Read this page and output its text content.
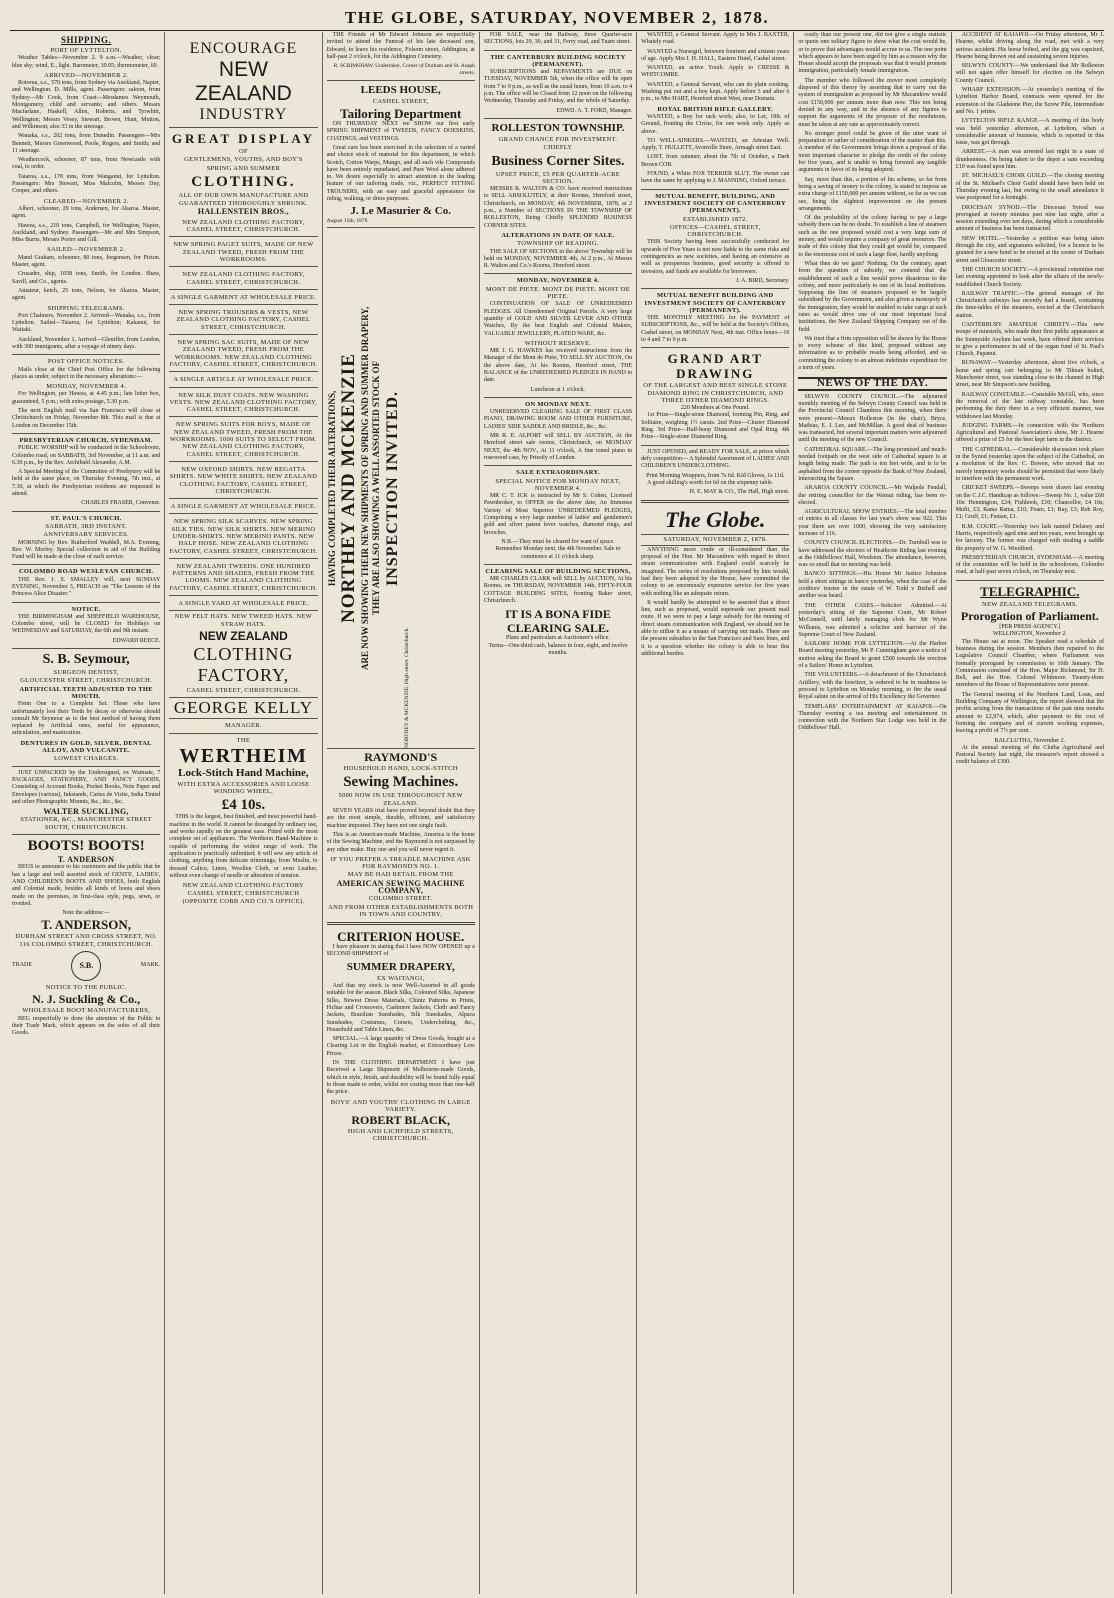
THE GLOBE, SATURDAY, NOVEMBER 2, 1878.
SHIPPING.
PORT OF LYTTELTON.

Weather Tables—November 2. 9 a.m.—Weather, clear; blue sky; wind, E., light. Barometer, 30.05; thermometer, 60.

ARRIVED—NOVEMBER 2.

Rotorua, s.s., 570 tons, from Sydney via Auckland, Napier, and Wellington. D. Mills, agent. Passengers: saloon, from Sydney—Mr Cook, from Coast—Mesdames Weymouth, Montgomery, child and servants; and others. Messrs Macfarlane, Haskell, Allen, Roberts, and Tyrwhitt, Wellington; Messrs Vesey, Stewart, Brown, Hunt, Mutton, and Wilkinson; also 33 in the steerage.

Wanaka, s.s., 202 tons, from Dunedin. Passengers—Mrs Bennett, Messrs Greenwood, Poole, Rogers, and Smith; and 11 steerage.

Weathercock, schooner, 87 tons, from Newcastle with coal, to order.

Taiaroa, s.s., 178 tons, from Wanganui, for Lyttelton. Passengers: Mrs Stewart, Miss Malcolm, Messrs Day, Cooper, and others.

CLEARED—NOVEMBER 2.

Albert, schooner, 29 tons, Andersen, for Akaroa. Master, agent.

Hawea, s.s., 210 tons, Campbell, for Wellington, Napier, Auckland, and Sydney. Passengers—Mr and Mrs Simpson, Miss Burns, Messrs Porter and Gill.

SAILED—NOVEMBER 2.

Mand Graham, schooner, 80 tons, Jorgensen, for Picton. Master, agent.

Crusader, ship, 1058 tons, Smith, for London. Shaw, Savill, and Co., agents.

Amateur, ketch, 25 tons, Nelson, for Akaroa. Master, agent.

SHIPPING TELEGRAMS.

Port Chalmers, November 2. Arrived—Wanaka, s.s., from Lyttelton. Sailed—Taiaroa, for Lyttelton; Kakanui, for Waitaki.

Auckland, November 1. Arrived—Gleniffer, from London, with 300 immigrants, after a voyage of ninety days.

POST OFFICE NOTICES.

Mails close at the Chief Post Office for the following places as under, subject to the necessary alterations:—

MONDAY, NOVEMBER 4.

For Wellington, per Hawea, at 4.45 p.m.; late letter box, guaranteed, 5 p.m.; with extra postage, 5.30 p.m.

The next English mail via San Francisco will close at Christchurch on Friday, November 8th. This mail is due at London on December 15th.

PRESBYTERIAN CHURCH, SYDENHAM.

PUBLIC WORSHIP will be conducted in the Schoolroom, Colombo road, on SABBATH, 3rd November, at 11 a.m. and 6.30 p.m., by the Rev. Archibald Alexander, A.M.

A Special Meeting of the Committee of Presbytery will be held at the same place, on Thursday Evening, 7th inst., at 7.30, at which the Presbyterian residents are requested to attend.

CHARLES FRASER, Convener.
ST. PAUL'S CHURCH.
SABBATH, 3RD INSTANT.
ANNIVERSARY SERVICES.

MORNING by Rev. Rutherford Waddell, M.A. Evening, Rev. W. Morley. Special collection in aid of the Building Fund will be made at the close of each service.

COLOMBO ROAD WESLEYAN CHURCH.

THE Rev. J. S. SMALLEY will, next SUNDAY EVENING, November 3, PREACH on "The Lessons of the Princess Alice Disaster."

NOTICE.

THE BIRMINGHAM and SHEFFIELD WAREHOUSE, Colombo street, will be CLOSED for Holidays on WEDNESDAY and SATURDAY, the 6th and 9th instant.

EDWARD REECE.
S. B. Seymour,
SURGEON DENTIST,
GLOUCESTER STREET, CHRISTCHURCH.
ARTIFICIAL TEETH ADJUSTED TO THE MOUTH.

From One to a Complete Set. Those who have unfortunately lost their Teeth by decay or otherwise should consult Mr Seymour as to the best method of having them replaced by Artificial ones, useful for appearance, articulation, and mastication.

DENTURES IN GOLD, SILVER, DENTAL ALLOY, AND VULCANITE.
LOWEST CHARGES.

JUST UNPACKED by the Undersigned, ex Waimate, 7 PACKAGES, STATIONERY, AND FANCY GOODS, Consisting of Account Books, Pocket Books, Note Paper and Envelopes (various), Inkstands, Cartes de Visite, India Tinted and other Photographic Mounts, &c., &c., &c.

WALTER SUCKLING,
STATIONER, &C., MANCHESTER STREET SOUTH, CHRISTCHURCH.
BOOTS! BOOTS!
T. ANDERSON

BEGS to announce to his customers and the public that he has a large and well assorted stock of GENTS', LADIES', AND CHILDREN'S BOOTS AND SHOES, both English and Colonial made, besides all kinds of boots and shoes made on the premises, in first-class style, pegs, sewn, or rivetted.

Note the address:—
T. ANDERSON,
DURHAM STREET AND CROSS STREET, NO. 116 COLOMBO STREET, CHRISTCHURCH.
TRADE	S.B.	MARK.
NOTICE TO THE PUBLIC.
N. J. Suckling & Co.,
WHOLESALE BOOT MANUFACTURERS,

BEG respectfully to draw the attention of the Public to their Trade Mark, which appears on the soles of all their Goods.

ENCOURAGE
NEW ZEALAND
INDUSTRY
GREAT DISPLAY
OF
GENTLEMENS, YOUTHS, AND BOY'S
SPRING AND SUMMER
CLOTHING.
ALL OF OUR OWN MANUFACTURE AND
GUARANTEED THOROUGHLY SHRUNK.
HALLENSTEIN BROS.,
NEW ZEALAND CLOTHING FACTORY, CASHEL STREET, CHRISTCHURCH.
NEW SPRING PAGET SUITS, MADE OF NEW ZEALAND TWEED, FRESH FROM THE WORKROOMS.
NEW ZEALAND CLOTHING FACTORY, CASHEL STREET, CHRISTCHURCH.
A SINGLE GARMENT AT WHOLESALE PRICE.
NEW SPRING TROUSERS & VESTS, NEW ZEALAND CLOTHING FACTORY, CASHEL STREET, CHRISTCHURCH.
NEW SPRING SAC SUITS, MADE OF NEW ZEALAND TWEED, FRESH FROM THE WORKROOMS. NEW ZEALAND CLOTHING FACTORY, CASHEL STREET, CHRISTCHURCH.
A SINGLE ARTICLE AT WHOLESALE PRICE.
NEW SILK DUST COATS. NEW WASHING VESTS. NEW ZEALAND CLOTHING FACTORY, CASHEL STREET, CHRISTCHURCH.
NEW SPRING SUITS FOR BOYS, MADE OF NEW ZEALAND TWEED, FRESH FROM THE WORKROOMS. 1000 SUITS TO SELECT FROM. NEW ZEALAND CLOTHING FACTORY, CASHEL STREET, CHRISTCHURCH.
NEW OXFORD SHIRTS. NEW REGATTA SHIRTS. NEW WHITE SHIRTS. NEW ZEALAND CLOTHING FACTORY, CASHEL STREET, CHRISTCHURCH.
A SINGLE GARMENT AT WHOLESALE PRICE.
NEW SPRING SILK SCARVES. NEW SPRING SILK TIES. NEW SILK SHIRTS. NEW MERINO UNDER-SHIRTS. NEW MERINO PANTS. NEW HALF HOSE. NEW ZEALAND CLOTHING FACTORY, CASHEL STREET, CHRISTCHURCH.
NEW ZEALAND TWEEDS. ONE HUNDRED PATTERNS AND SHADES, FRESH FROM THE LOOMS. NEW ZEALAND CLOTHING FACTORY, CASHEL STREET, CHRISTCHURCH.
A SINGLE YARD AT WHOLESALE PRICE.
NEW FELT HATS. NEW TWEED HATS. NEW STRAW HATS.
NEW ZEALAND
CLOTHING FACTORY,
CASHEL STREET, CHRISTCHURCH.
GEORGE KELLY
MANAGER.
THE
WERTHEIM
Lock-Stitch Hand Machine,
WITH EXTRA ACCESSORIES AND LOOSE WINDING WHEEL,
£4 10s.

THIS is the largest, best finished, and most powerful hand-machine in the world. It cannot be deranged by ordinary use, and works rapidly on the greatest ease. Fitted with the most complete set of appliances. The Wertheim Hand-Machine is capable of performing the widest range of work. The application is practically unlimited; it will sew any article of clothing, anything from delicate trimmings, from Muslin, to dressed Calico, Linen, Woollen Cloth, or even Leather, without even change of needle or alteration of tension.

NEW ZEALAND CLOTHING FACTORY
CASHEL STREET, CHRISTCHURCH (OPPOSITE COBB AND CO.'S OFFICE).

THE Friends of Mr Edward Johnson are respectfully invited to attend the Funeral of his late deceased son, Edward, to leave his residence, Folsom street, Addington, at half-past 2 o'clock, for the Addington Cemetery.

R. SCRIMSHAW, Undertaker, Corner of Durham and St. Asaph streets.
LEEDS HOUSE,
CASHEL STREET,
Tailoring Department

ON THURSDAY NEXT we SHOW our first early SPRING SHIPMENT of TWEEDS, FANCY DOESKINS, COATINGS, and VESTINGS.

Great care has been exercised in the selection of a varied and choice stock of material for this department, in which Scotch, Cotton Warps, Mungo, and all such vile Compounds have been entirely repudiated, and Pure Wool alone adhered to. We desire especially to attract attention to the leading feature of our tailoring trade, viz., PERFECT FITTING TROUSERS, with an easy and graceful appearance for riding, walking, or dress purposes.

J. Le Masurier & Co.
August 15th, 1878.
HAVING COMPLETED THEIR ALTERATIONS, NORTHEY AND MCKENZIE ARE NOW SHOWING THEIR NEW SHIPMENTS OF SPRING AND SUMMER DRAPERY, THEY ARE ALSO SHOWING A WELL ASSORTED STOCK OF INSPECTION INVITED.
NORTHEY & MCKENZIE, High street, Christchurch.
RAYMOND'S
HOUSEHOLD HAND, LOCK-STITCH
Sewing Machines.
5000 NOW IN USE THROUGHOUT NEW ZEALAND.

SEVEN YEARS trial have proved beyond doubt that they are the most simple, durable, efficient, and satisfactory machine imported. They have not one single fault.

This is an American-made Machine, America is the home of the Sewing Machine, and the Raymond is not surpassed by any other make. Buy one and you will never regret it.

IF YOU PREFER A TREADLE MACHINE ASK FOR RAYMOND'S NO. 1.
MAY BE HAD RETAIL FROM THE
AMERICAN SEWING MACHINE COMPANY,
COLOMBO STREET.
AND FROM OTHER ESTABLISHMENTS BOTH IN TOWN AND COUNTRY.
CRITERION HOUSE.

I have pleasure in stating that I have NOW OPENED up a SECOND SHIPMENT of

SUMMER DRAPERY,
EX WAITANGI,

And that my stock is now Well-Assorted in all goods suitable for the season. Black Silks, Coloured Silks, Japanese Silks, Newest Dress Materials, Chintz Patterns in Prints, Fichus and Crossovers, Cashmere Jackets, Cloth and Fancy Jackets, Brazilian Sunshades, Silk Sunshades, Alpaca Sunshades, Costumes, Corsets, Underclothing, &c., Household and Table Linen, &c.

SPECIAL.—A large quantity of Dress Goods, bought at a Clearing Lot in the English market, at Extraordinary Low Prices.

IN THE CLOTHING DEPARTMENT I have just Received a Large Shipment of Melbourne-made Goods, which in style, finish, and durability will be found fully equal to those made to order, whilst not costing more than one-half the price.

BOYS' AND YOUTHS' CLOTHING IN LARGE VARIETY.
ROBERT BLACK,
HIGH AND LICHFIELD STREETS, CHRISTCHURCH.

FOR SALE, near the Railway, three Quarter-acre SECTIONS, lots 29, 30, and 31, Ferry road, and Tuam street.

THE CANTERBURY BUILDING SOCIETY (PERMANENT).

SUBSCRIPTIONS and REPAYMENTS are DUE on TUESDAY, NOVEMBER 5th, when the office will be open from 7 to 9 p.m., as well as the usual hours, from 10 a.m. to 4 p.m. The office will be Closed from 12 noon on the following Wednesday, Thursday and Friday, and the whole of Saturday.

EDWD. A. T. FORD, Manager.
ROLLESTON TOWNSHIP.
GRAND CHANCE FOR INVESTMENT.
CHIEFLY
Business Corner Sites.
UPSET PRICE, £5 PER QUARTER-ACRE SECTION.

MESSRS R. WALTON & CO. have received instructions to SELL ABSOLUTELY, at their Rooms, Hereford street, Christchurch, on MONDAY, 4th NOVEMBER, 1878, at 2 p.m., a Number of SECTIONS IN THE TOWNSHIP OF ROLLESTON, Being Chiefly SPLENDID BUSINESS CORNER SITES.

ALTERATIONS IN DATE OF SALE.
TOWNSHIP OF READING.

THE SALE OF SECTIONS in the above Township will be held on MONDAY, NOVEMBER 4th, At 2 p.m., At Messrs R. Walton and Co.'s Rooms, Hereford street.

MONDAY, NOVEMBER 4.
MONT DE PIETE. MONT DE PIETE. MONT DE PIETE.

CONTINUATION OF SALE OF UNREDEEMED PLEDGES. All Unredeemed Original Parcels. A very large quantity of GOLD AND SILVER LEVER AND OTHER Watches, By the best English and Colonial Makers, VALUABLE JEWELLERY, PLATED WARE, &c.

WITHOUT RESERVE.

MR J. G. HAWKES has received instructions from the Manager of the Mont de Piete, TO SELL BY AUCTION, On the above date, At his Rooms, Hereford street, THE BALANCE of the UNREDEEMED PLEDGES IN HAND to date.

Luncheon at 1 o'clock.
ON MONDAY NEXT.

UNRESERVED CLEARING SALE OF FIRST CLASS PIANO, DRAWING ROOM AND OTHER FURNITURE, LADIES' SIDE SADDLE AND BRIDLE, &c., &c.

MR R. E. ALPORT will SELL BY AUCTION, At the Hereford street sale rooms, Christchurch, on MONDAY NEXT, the 4th NOV., At 11 o'clock, A fine toned piano in rosewood case, by Priestly of London.

SALE EXTRAORDINARY.
SPECIAL NOTICE FOR MONDAY NEXT, NOVEMBER 4.

MR C. T. ICK is instructed by Mr S. Cohen, Licensed Pawnbroker, to OFFER on the above date, An Immense Variety of Most Superior UNREDEEMED PLEDGES, Comprising a very large number of ladies' and gentlemen's gold and silver patent lever watches, diamond rings, and brooches.

N.B.—They must be cleared for want of space.
Remember Monday next, the 4th November. Sale to commence at 11 o'clock sharp.
CLEARING SALE OF BUILDING SECTIONS,

MR CHARLES CLARK will SELL by AUCTION, At his Rooms, on THURSDAY, NOVEMBER 14th, FIFTY-FOUR COTTAGE BUILDING SITES, fronting Baker street, Christchurch.

IT IS A BONA FIDE CLEARING SALE.
Plans and particulars at Auctioneer's office.
Terms—One-third cash, balance in four, eight, and twelve months.

WANTED, a General Servant. Apply to Mrs J. BAXTER, Whately road.

WANTED a Nursegirl, between fourteen and sixteen years of age. Apply Mrs J. H. HALL, Eastern Hotel, Cashel street.

WANTED, an active Youth. Apply to CRESSE & WHITCOMBE.

WANTED, a General Servant, who can do plain cooking. Washing put out and a boy kept. Apply before 3 and after 6 p.m., to Mrs HART, Hereford street West, near Domain.

ROYAL BRITISH RIFLE GALLERY.

WANTED, a Boy for rack work; also, to Let, 18ft. of Ground, fronting the Circus, for one week only. Apply as above.

TO WELL-SINKERS.—WANTED, an Artesian Well. Apply, T. HULLETT, Avonville Store, Armagh street East.

LOST, from summer, about the 7th of October, a Dark Brown COB.

FOUND, a White FOX TERRIER SLUT. The owner can have the same by applying to J. MANNING, Oxford terrace.

MUTUAL BENEFIT, BUILDING, AND INVESTMENT SOCIETY OF CANTERBURY (PERMANENT).
ESTABLISHED 1872.
OFFICES—CASHEL STREET, CHRISTCHURCH.

THIS Society having been successfully conducted for upwards of Five Years is not now liable to the same risks and contingencies as new societies, and having an extensive as well as prosperous business, good security is offered to investors, and funds are available for borrowers.

J. A. BIRD, Secretary.
MUTUAL BENEFIT BUILDING AND INVESTMENT SOCIETY OF CANTERBURY (PERMANENT).

THE MONTHLY MEETING for the PAYMENT of SUBSCRIPTIONS, &c., will be held at the Society's Offices, Cashel street, on MONDAY Next, 4th inst. Office hours—10 to 4 and 7 to 9 p.m.

GRAND ART DRAWING
OF THE LARGEST AND BEST SINGLE STONE DIAMOND RING IN CHRISTCHURCH, AND THREE OTHER DIAMOND RINGS.
220 Members at One Pound.

1st Prize—Single-stone Diamond, forming Pin, Ring, and Solitaire, weighing 1½ carats. 2nd Prize—Cluster Diamond Ring. 3rd Prize—Half-hoop Diamond and Opal Ring. 4th Prize—Single-stone Diamond Ring.

JUST OPENED, and READY FOR SALE, at prices which defy competition— A Splendid Assortment of LADIES' AND CHILDREN'S UNDERCLOTHING.

Print Morning Wrappers, from 7s 6d. Kid Gloves, 1s 11d.

A good shilling's worth for 6d on the sixpenny table.

H. E. MAY & CO., The Hall, High street.
The Globe.
SATURDAY, NOVEMBER 2, 1878.

ANYTHING more crude or ill-considered than the proposal of the Hon. Mr Macandrew with regard to direct steam communication with England could scarcely be imagined. The series of resolutions proposed by him would, had they been adopted by the House, have committed the colony to an enormously expensive service for five years with nothing like an adequate return.

It would hardly be attempted to be asserted that a direct line, such as proposed, would supersede our present mail route. If we were to pay a large subsidy for the running of direct steam communication with England, we should not be able to utilise it as a means of carrying our mails. There are the present subsidies to the San Francisco and Suez lines, and it is a question whether the colony is able to bear this additional burden.

costly than our present one, did not give a single statistic or quote one solitary figure to show what the cost would be, or to prove that advantages would accrue to us. The one point which appears to have been urged by him as a reason why the House should accept the proposals was that it would promote immigration, particularly female immigration.

The member who followed the mover most completely disposed of this theory by asserting that to carry out the system of immigration as proposed by Mr Macandrew would cost £150,000 per annum more than now. This not being denied in any way, and in the absence of any figures to support the arguments of the proposer of the resolutions, must be taken at any rate as approximately correct.

No stronger proof could be given of the utter want of preparation or rather of consideration of the matter than this. A member of the Government brings down a proposal of the most important character to pledge the credit of the colony for five years, and is unable to bring forward any tangible arguments in favor of its being adopted.

Say, more than this, a portion of his scheme, so far from being a saving of money to the colony, is stated to impose an extra charge of £150,000 per annum without, so far as we can see, being the slightest improvement on the present arrangements.

Of the probability of the colony having to pay a large subsidy there can be no doubt. To establish a line of steamers such as the one proposed would cost a very large sum of money, and would require a company of great resources. The trade of this colony that they could get would be, compared to the enormous cost of such a large fleet, hardly anything.

What then do we gain? Nothing. On the contrary, apart from the question of subsidy, we contend that the establishment of such a line would prove disastrous to the colony, and more particularly to one of its local institutions. Supposing the line of steamers proposed to be largely subsidised by the Government, and also given a monopoly of the immigration, they would be enabled to take cargo at such rates as would drive one of our most important local institutions, the New Zealand Shipping Company out of the field.

We trust that a firm opposition will be shown by the House to every scheme of this kind, proposed without any information as to probable results being afforded, and so committing the colony to an almost indefinite expenditure for a term of years.

NEWS OF THE DAY.

SELWYN COUNTY COUNCIL.—The adjourned monthly meeting of the Selwyn County Council was held in the Provincial Council Chambers this morning, when there were present—Messrs Rolleston (in the chair), Bryce, Mathias, E. J. Lee, and McMillan. A good deal of business was transacted, but several important matters were adjourned until the meeting of the new Council.

CATHEDRAL SQUARE.—The long-promised and much-needed footpath on the west side of Cathedral square is at length being made. The path is ten feet wide, and is to be asphalted from the corner opposite the Bank of New Zealand, intersecting the Square.

AKAROA COUNTY COUNCIL.—Mr Walpole Fendall, the retiring councillor for the Wainui riding, has been re-elected.

AGRICULTURAL SHOW ENTRIES.—The total number of entries in all classes for last year's show was 922. This year there are over 1000, showing the very satisfactory increase of 116.

COUNTY COUNCIL ELECTIONS.—Dr. Turnbull was to have addressed the electors of Heathcote Riding last evening at the Oddfellows' Hall, Woolston. The attendance, however, was so small that no meeting was held.

BANCO SITTINGS.—His Honor Mr Justice Johnston held a short sittings in banco yesterday, when the case of the creditors' trustee in the estate of W. Todd v Bethell and another was heard.

THE OTHER CASES.—Solicitor Admitted.—At yesterday's sitting of the Supreme Court, Mr Robert McConnell, until lately managing clerk for Mr Wynn Williams, was admitted a solicitor and barrister of the Supreme Court of New Zealand.

SAILORS' HOME FOR LYTTELTON.—At the Harbor Board meeting yesterday, Mr P. Cunningham gave a notice of motion asking the Board to grant £500 towards the erection of a Sailors' Home in Lyttelton.

THE VOLUNTEERS.—A detachment of the Christchurch Artillery, with the howitzer, is ordered to be in readiness to proceed to Lyttelton on Monday morning, to fire the usual Royal salute on the arrival of His Excellency the Governor.

TEMPLARS' ENTERTAINMENT AT KAIAPOI.—On Thursday evening a tea meeting and entertainment in connection with the Northern Star Lodge was held in the Oddfellows' Hall.

ACCIDENT AT KAIAPOI.—On Friday afternoon, Mr J. Hearne, whilst driving along the road, met with a very serious accident. His horse bolted, and the gig was capsized, Hearne being thrown out and sustaining severe injuries.

SELWYN COUNTY.—We understand that Mr Rolleston will not again offer himself for election on the Selwyn County Council.

WHARF EXTENSION.—At yesterday's meeting of the Lyttelton Harbor Board, contracts were opened for the extension of the Gladstone Pier, the Screw Pile, Intermediate and No. 1 jetties.

LYTTELTON RIFLE RANGE.—A meeting of this body was held yesterday afternoon, at Lyttelton, when a considerable amount of business, which is reported in this issue, was got through.

ARREST.—A man was arrested last night in a state of drunkenness. On being taken to the depot a sum exceeding £10 was found upon him.

ST. MICHAEL'S CHOIR GUILD.—The closing meeting of the St. Michael's Choir Guild should have been held on Thursday evening last, but owing to the small attendance it was postponed for a fortnight.

DIOCESAN SYNOD.—The Diocesan Synod was prorogued at twenty minutes past nine last night, after a session extending over ten days, during which a considerable amount of business has been transacted.

NEW HOTEL.—Yesterday a petition was being taken through the city, and signatures solicited, for a licence to be granted for a new hotel to be erected at the corner of Durham street and Gloucester street.

THE CHURCH SOCIETY.—A provisional committee met last evening appointed to look after the affairs of the newly-established Church Society.

RAILWAY TRAFFIC.—The general manager of the Christchurch railways has recently had a board, containing the time-tables of the steamers, erected at the Christchurch station.

CANTERBURY AMATEUR CHRISTY.—This new troupe of minstrels, who made their first public appearance at the Sunnyside Asylum last week, have offered their services to give a performance in aid of the organ fund of St. Paul's Church, Papanui.

RUNAWAY.—Yesterday afternoon, about five o'clock, a horse and spring cart belonging to Mr Tilman bolted, Manchester street, was standing close to the channel in High street, near Mr Simpson's new building.

RAILWAY CONSTABLE.—Constable McGill, who, since the removal of the late railway constable, has been performing the duty there in a very efficient manner, was withdrawn last Monday.

JUDGING FARMS.—In connection with the Northern Agricultural and Pastoral Association's show, Mr J. Hearne offered a prize of £5 for the best kept farm in the district.

THE CATHEDRAL.—Considerable discussion took place in the Synod yesterday upon the subject of the Cathedral, on a resolution of the Rev. C. Bowen, who moved that no merely temporary works should be permitted that were likely to interfere with the permanent work.

CRICKET SWEEPS.—Sweeps were drawn last evening on the C.J.C. Handicap as follows:—Sweep No. 1, value £68 10s: Hennington, £24; Fishhook, £10; Chancellor, £4 10s; Mufti, £3; Rama Rama, £10; Foam, £1; Bay, £3; Rob Roy, £1; Gruff, £1; Fenian, £1.

R.M. COURT.—Yesterday two lads named Delaney and Harris, respectively aged nine and ten years, were brought up for larceny. The former was charged with stealing a saddle the property of W. G. Woodford.

PRESBYTERIAN CHURCH, SYDENHAM.—A meeting of the committee will be held in the schoolroom, Colombo road, at half-past seven o'clock, on Thursday next.

TELEGRAPHIC.
NEW ZEALAND TELEGRAMS.
Prorogation of Parliament.
[PER PRESS AGENCY.]
WELLINGTON, November 2.

The House sat at noon. The Speaker read a schedule of business during the session. Members then repaired to the Legislative Council Chamber, where Parliament was formally prorogued by commission to 16th January. The Commission consisted of the Hon. Major Richmond, Sir D. Bell, and the Hon. Colonel Whitmore. Twenty-three members of the House of Representatives were present.

The General meeting of the Northern Land, Loan, and Building Company of Wellington, the report showed that the profits arising from the transactions of the past nine months amount to £2,974, which, after payment to the cost of forming the company and of current working expenses, leaving a profit of 7½ per cent.

BALCLUTHA, November 2.

At the annual meeting of the Clutha Agricultural and Pastoral Society last night, the treasurer's report showed a credit balance of £300.
